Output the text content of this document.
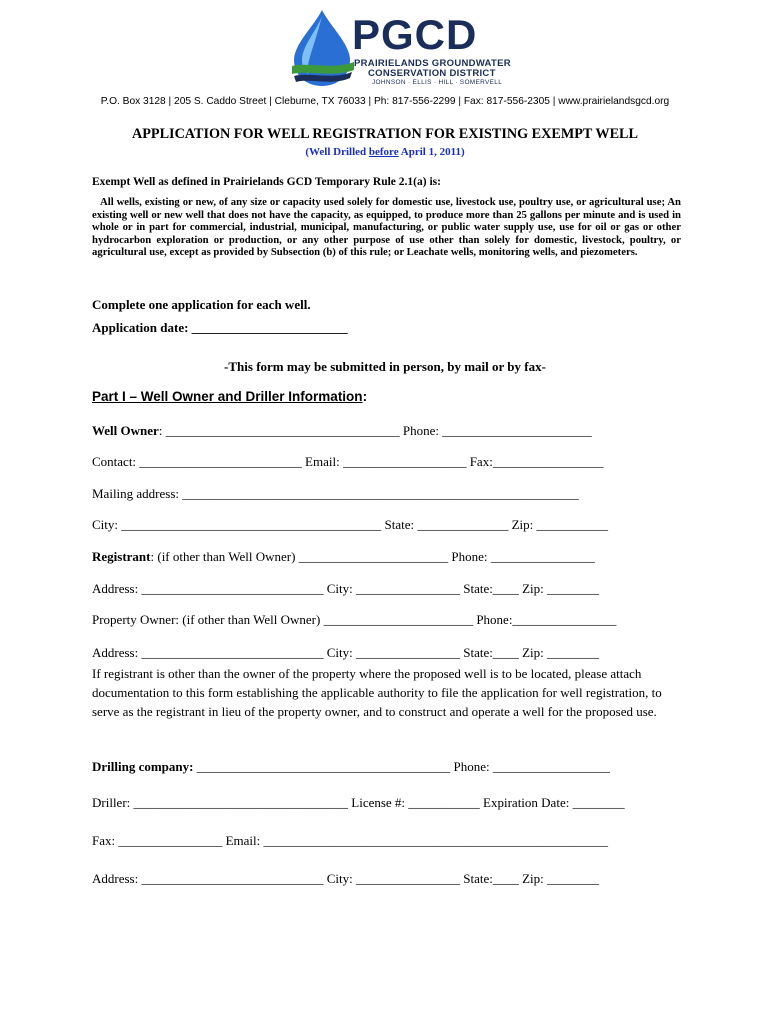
PGCD
PRAIRIELANDS GROUNDWATER
CONSERVATION DISTRICT
JOHNSON · ELLIS · HILL · SOMERVELL
P.O. Box 3128 | 205 S. Caddo Street | Cleburne, TX 76033 | Ph: 817-556-2299 | Fax: 817-556-2305 | www.prairielandsgcd.org
APPLICATION FOR WELL REGISTRATION FOR EXISTING EXEMPT WELL
(Well Drilled before April 1, 2011)
Exempt Well as defined in Prairielands GCD Temporary Rule 2.1(a) is:
All wells, existing or new, of any size or capacity used solely for domestic use, livestock use, poultry use, or agricultural use; An existing well or new well that does not have the capacity, as equipped, to produce more than 25 gallons per minute and is used in whole or in part for commercial, industrial, municipal, manufacturing, or public water supply use, use for oil or gas or other hydrocarbon exploration or production, or any other purpose of use other than solely for domestic, livestock, poultry, or agricultural use, except as provided by Subsection (b) of this rule; or Leachate wells, monitoring wells, and piezometers.
Complete one application for each well.
Application date: ________________________
-This form may be submitted in person, by mail or by fax-
Part I – Well Owner and Driller Information:
Well Owner: ____________________________________ Phone: _______________________
Contact: _________________________ Email: ___________________ Fax:_________________
Mailing address: _____________________________________________________________
City: ________________________________________ State: ______________ Zip: ___________
Registrant: (if other than Well Owner) _______________________ Phone: ________________
Address: ____________________________ City: ________________ State:____ Zip: ________
Property Owner: (if other than Well Owner) _______________________ Phone:________________
Address: ____________________________ City: ________________ State:____ Zip: ________
If registrant is other than the owner of the property where the proposed well is to be located, please attach documentation to this form establishing the applicable authority to file the application for well registration, to serve as the registrant in lieu of the property owner, and to construct and operate a well for the proposed use.
Drilling company: _______________________________________ Phone: __________________
Driller: _________________________________ License #: ___________ Expiration Date: ________
Fax: ________________ Email: _____________________________________________________
Address: ____________________________ City: ________________ State:____ Zip: ________
